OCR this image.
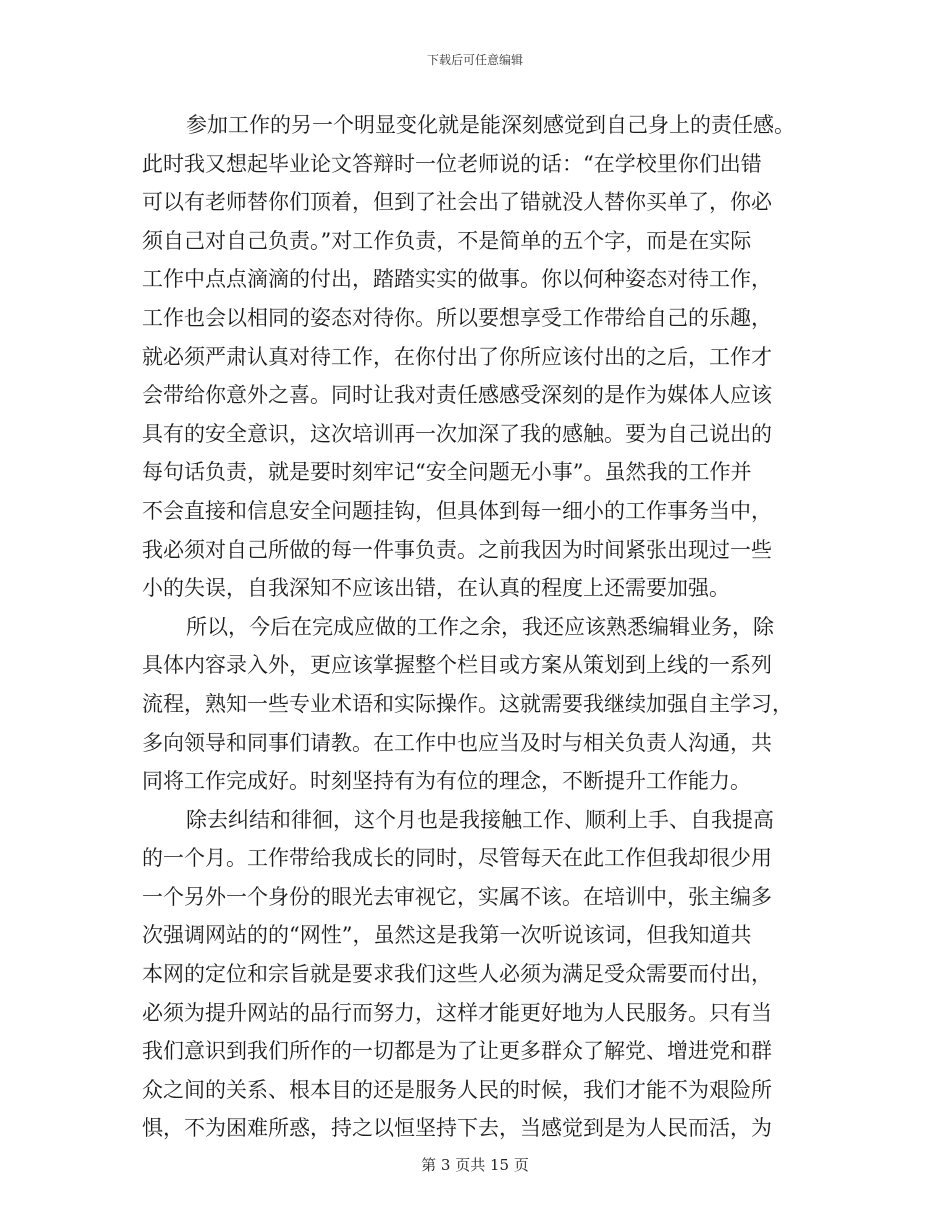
下载后可任意编辑
参加工作的另一个明显变化就是能深刻感觉到自己身上的责任感。
此时我又想起毕业论文答辩时一位老师说的话：“在学校里你们出错
可以有老师替你们顶着，但到了社会出了错就没人替你买单了，你必
须自己对自己负责。”对工作负责，不是简单的五个字，而是在实际
工作中点点滴滴的付出，踏踏实实的做事。你以何种姿态对待工作，
工作也会以相同的姿态对待你。所以要想享受工作带给自己的乐趣，
就必须严肃认真对待工作，在你付出了你所应该付出的之后，工作才
会带给你意外之喜。同时让我对责任感感受深刻的是作为媒体人应该
具有的安全意识，这次培训再一次加深了我的感触。要为自己说出的
每句话负责，就是要时刻牢记“安全问题无小事”。虽然我的工作并
不会直接和信息安全问题挂钩，但具体到每一细小的工作事务当中，
我必须对自己所做的每一件事负责。之前我因为时间紧张出现过一些
小的失误，自我深知不应该出错，在认真的程度上还需要加强。
所以，今后在完成应做的工作之余，我还应该熟悉编辑业务，除
具体内容录入外，更应该掌握整个栏目或方案从策划到上线的一系列
流程，熟知一些专业术语和实际操作。这就需要我继续加强自主学习，
多向领导和同事们请教。在工作中也应当及时与相关负责人沟通，共
同将工作完成好。时刻坚持有为有位的理念，不断提升工作能力。
除去纠结和徘徊，这个月也是我接触工作、顺利上手、自我提高
的一个月。工作带给我成长的同时，尽管每天在此工作但我却很少用
一个另外一个身份的眼光去审视它，实属不该。在培训中，张主编多
次强调网站的的“网性”，虽然这是我第一次听说该词，但我知道共
本网的定位和宗旨就是要求我们这些人必须为满足受众需要而付出，
必须为提升网站的品行而努力，这样才能更好地为人民服务。只有当
我们意识到我们所作的一切都是为了让更多群众了解党、增进党和群
众之间的关系、根本目的还是服务人民的时候，我们才能不为艰险所
惧，不为困难所惑，持之以恒坚持下去，当感觉到是为人民而活，为
第 3 页共 15 页
